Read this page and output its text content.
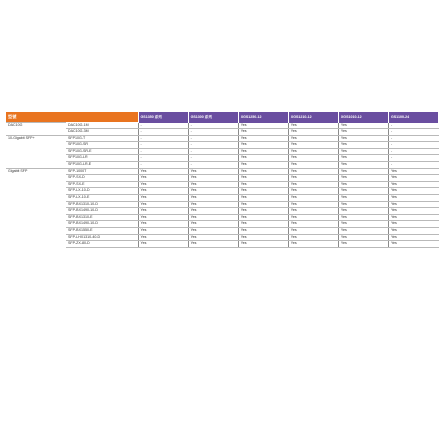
型號		GS1350 系列	GS1300 系列	XGS1250-12	XGS1210-12	XGS1010-12	GS1100-24
DAC10G	DAC10G-1M	-	-	Yes	Yes	Yes	-
	DAC10G-3M	-	-	Yes	Yes	Yes	-
10-Gigabit SFP+	SFP10G-T	-	-	Yes	Yes	Yes	-
	SFP10G-SR	-	-	Yes	Yes	Yes	-
	SFP10G-SR-E	-	-	Yes	Yes	Yes	-
	SFP10G-LR	-	-	Yes	Yes	Yes	-
	SFP10G-LR-E	-	-	Yes	Yes	Yes	-
Gigabit SFP	SFP-1000T	Yes	Yes	Yes	Yes	Yes	Yes
	SFP-SX-D	Yes	Yes	Yes	Yes	Yes	Yes
	SFP-SX-E	Yes	Yes	Yes	Yes	Yes	Yes
	SFP-LX-10-D	Yes	Yes	Yes	Yes	Yes	Yes
	SFP-LX-10-E	Yes	Yes	Yes	Yes	Yes	Yes
	SFP-BX1310-10-D	Yes	Yes	Yes	Yes	Yes	Yes
	SFP-BX1490-10-D	Yes	Yes	Yes	Yes	Yes	Yes
	SFP-BX1310-E	Yes	Yes	Yes	Yes	Yes	Yes
	SFP-BX1490-10-D	Yes	Yes	Yes	Yes	Yes	Yes
	SFP-BX1550-E	Yes	Yes	Yes	Yes	Yes	Yes
	SFP-LHX1310-40-D	Yes	Yes	Yes	Yes	Yes	Yes
	SFP-ZX-80-D	Yes	Yes	Yes	Yes	Yes	Yes
